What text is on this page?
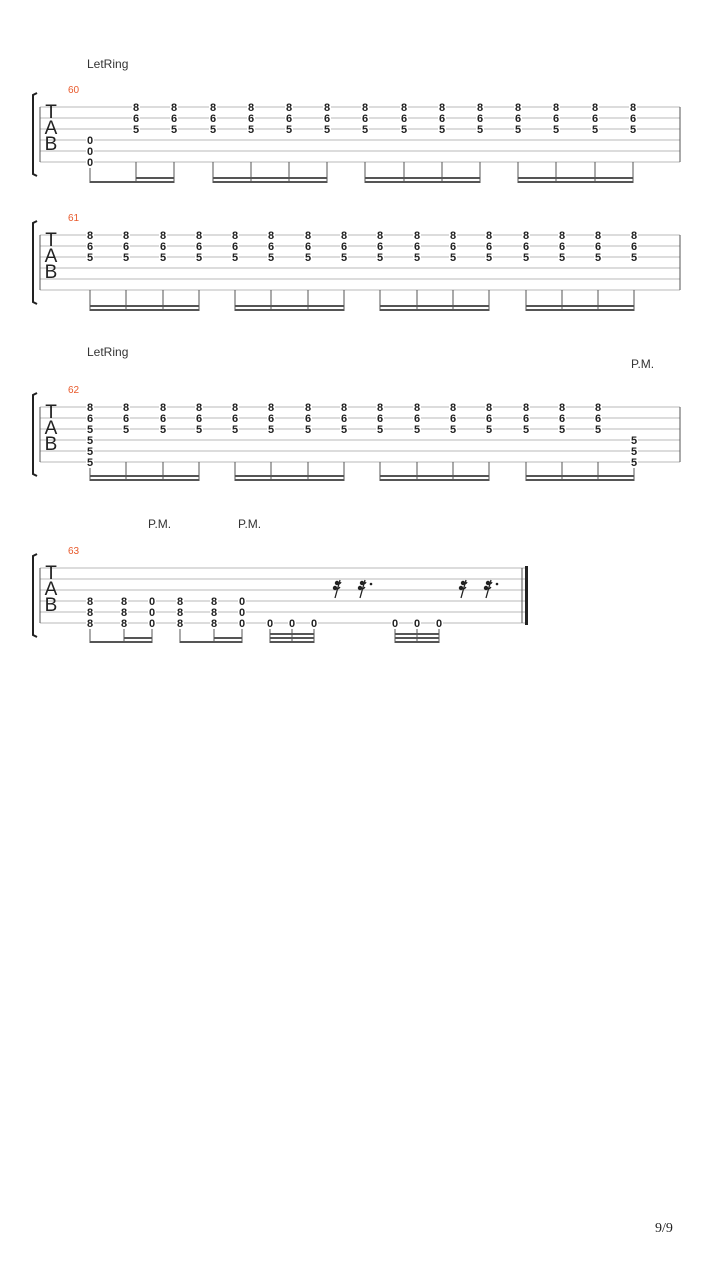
T
A
B
60
0
0
0
8
6
5
8
6
5
8
6
5
8
6
5
8
6
5
8
6
5
8
6
5
8
6
5
8
6
5
8
6
5
8
6
5
8
6
5
8
6
5
8
6
5
T
A
B
61
8
6
5
8
6
5
8
6
5
8
6
5
8
6
5
8
6
5
8
6
5
8
6
5
8
6
5
8
6
5
8
6
5
8
6
5
8
6
5
8
6
5
8
6
5
8
6
5
T
A
B
62
8
6
5
5
5
5
8
6
5
8
6
5
8
6
5
8
6
5
8
6
5
8
6
5
8
6
5
8
6
5
8
6
5
8
6
5
8
6
5
8
6
5
8
6
5
8
6
5
5
5
5
T
A
B
63
8
8
8
8
8
8
0
0
0
8
8
8
8
8
8
0
0
0 0 0 0	0 0 0
LetRing
LetRing
P.M.
P.M.	P.M.
9/9
